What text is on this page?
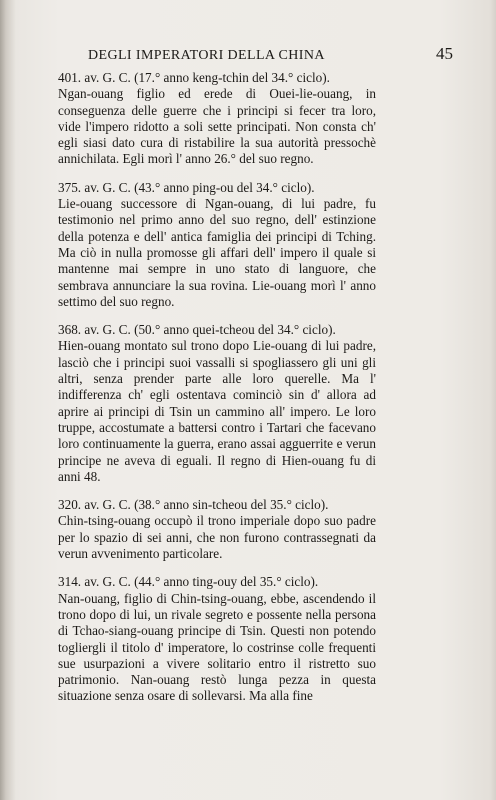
DEGLI IMPERATORI DELLA CHINA	45

401. av. G. C. (17.° anno keng-tchin del 34.° ciclo).
Ngan-ouang figlio ed erede di Ouei-lie-ouang, in conseguenza delle guerre che i principi si fecer tra loro, vide l'impero ridotto a soli sette principati. Non consta ch' egli siasi dato cura di ristabilire la sua autorità pressochè annichilata. Egli morì l' anno 26.° del suo regno.

375. av. G. C. (43.° anno ping-ou del 34.° ciclo).
Lie-ouang successore di Ngan-ouang, di lui padre, fu testimonio nel primo anno del suo regno, dell' estinzione della potenza e dell' antica famiglia dei principi di Tching. Ma ciò in nulla promosse gli affari dell' impero il quale si mantenne mai sempre in uno stato di languore, che sembrava annunciare la sua rovina. Lie-ouang morì l' anno settimo del suo regno.

368. av. G. C. (50.° anno quei-tcheou del 34.° ciclo).
Hien-ouang montato sul trono dopo Lie-ouang di lui padre, lasciò che i principi suoi vassalli si spogliassero gli uni gli altri, senza prender parte alle loro querelle. Ma l' indifferenza ch' egli ostentava cominciò sin d' allora ad aprire ai principi di Tsin un cammino all' impero. Le loro truppe, accostumate a battersi contro i Tartari che facevano loro continuamente la guerra, erano assai agguerrite e verun principe ne aveva di eguali. Il regno di Hien-ouang fu di anni 48.

320. av. G. C. (38.° anno sin-tcheou del 35.° ciclo).
Chin-tsing-ouang occupò il trono imperiale dopo suo padre per lo spazio di sei anni, che non furono contrassegnati da verun avvenimento particolare.

314. av. G. C. (44.° anno ting-ouy del 35.° ciclo).
Nan-ouang, figlio di Chin-tsing-ouang, ebbe, ascendendo il trono dopo di lui, un rivale segreto e possente nella persona di Tchao-siang-ouang principe di Tsin. Questi non potendo togliergli il titolo d' imperatore, lo costrinse colle frequenti sue usurpazioni a vivere solitario entro il ristretto suo patrimonio. Nan-ouang restò lunga pezza in questa situazione senza osare di sollevarsi. Ma alla fine
